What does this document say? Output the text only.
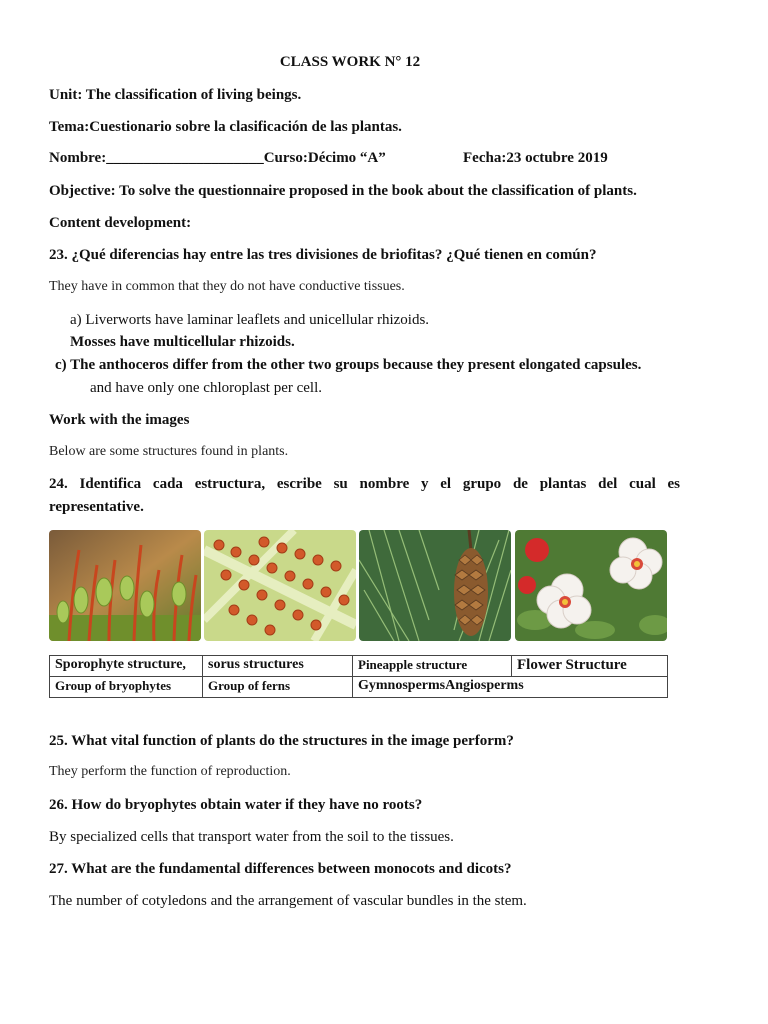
CLASS WORK N° 12
Unit: The classification of living beings.
Tema:Cuestionario sobre la clasificación de las plantas.
Nombre:_____________________Curso:Décimo “A”	Fecha:23 octubre 2019
Objective: To solve the questionnaire proposed in the book about the classification of plants.
Content development:
23. ¿Qué diferencias hay entre las tres divisiones de briofitas? ¿Qué tienen en común?
They have in common that they do not have conductive tissues.
a) Liverworts have laminar leaflets and unicellular rhizoids.
Mosses have multicellular rhizoids.
c) The anthoceros differ from the other two groups because they present elongated capsules.
and have only one chloroplast per cell.
Work with the images
Below are some structures found in plants.
24. Identifica cada estructura, escribe su nombre y el grupo de plantas del cual es
representative.
Sporophyte structure,	sorus structures	Pineapple structure	Flower Structure
Group of bryophytes	Group of ferns	GymnospermsAngiosperms	
25. What vital function of plants do the structures in the image perform?
They perform the function of reproduction.
26. How do bryophytes obtain water if they have no roots?
By specialized cells that transport water from the soil to the tissues.
27. What are the fundamental differences between monocots and dicots?
The number of cotyledons and the arrangement of vascular bundles in the stem.
